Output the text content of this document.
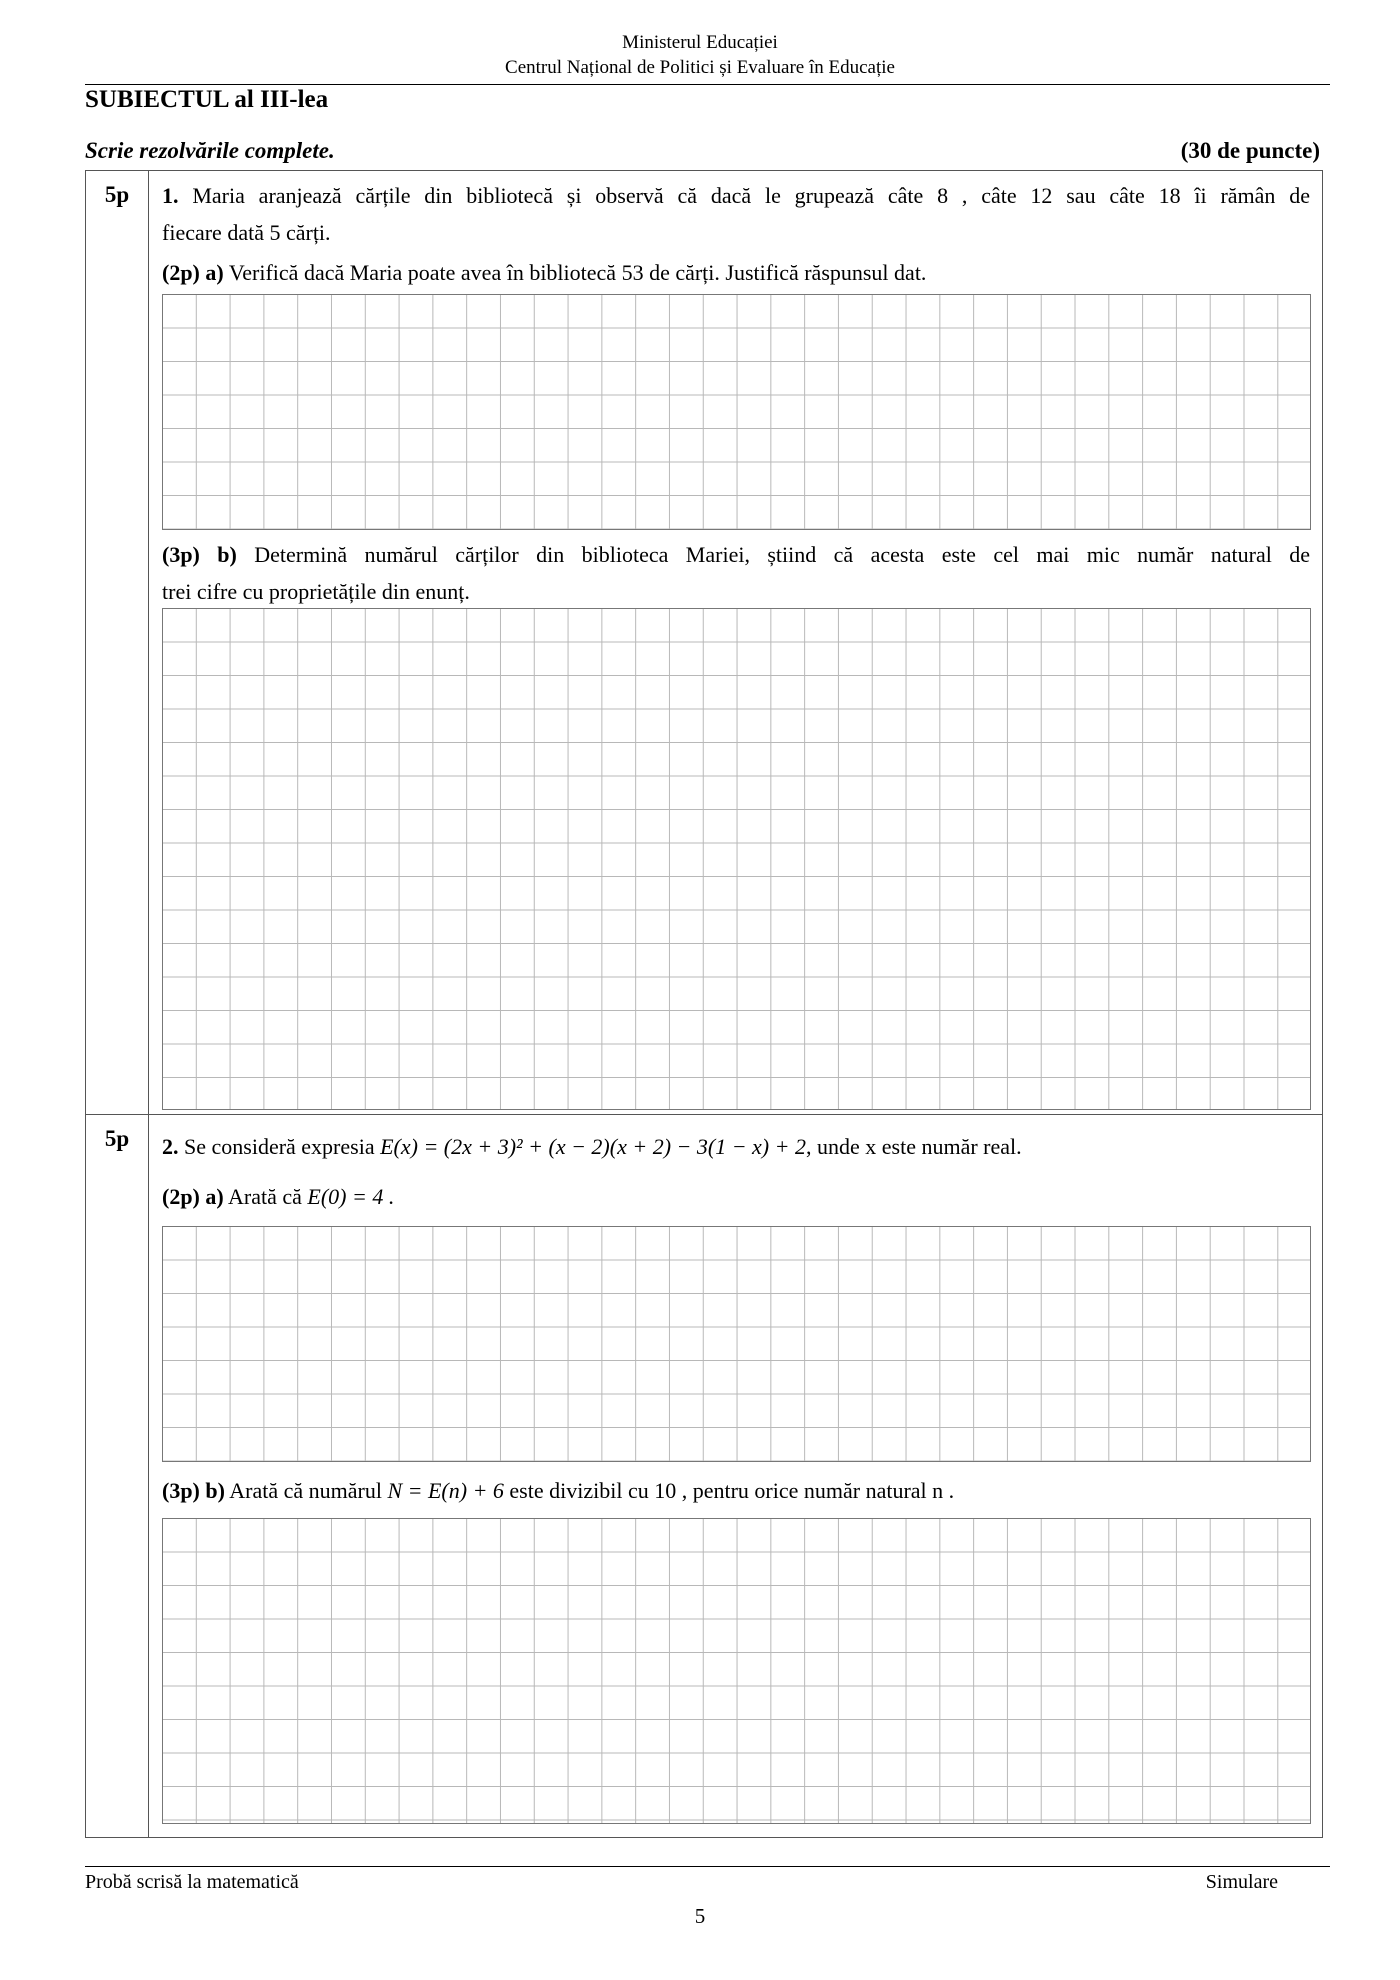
Ministerul Educației
Centrul Național de Politici și Evaluare în Educație
SUBIECTUL al III-lea
Scrie rezolvările complete.	(30 de puncte)
5p	1. Maria aranjează cărțile din bibliotecă și observă că dacă le grupează câte 8 , câte 12 sau câte 18 îi rămân de
fiecare dată 5 cărți.
(2p) a) Verifică dacă Maria poate avea în bibliotecă 53 de cărți. Justifică răspunsul dat.
(3p) b) Determină numărul cărților din biblioteca Mariei, știind că acesta este cel mai mic număr natural de
trei cifre cu proprietățile din enunț.
5p	2. Se consideră expresia E(x) = (2x + 3)² + (x − 2)(x + 2) − 3(1 − x) + 2, unde x este număr real.
(2p) a) Arată că E(0) = 4 .
(3p) b) Arată că numărul N = E(n) + 6 este divizibil cu 10 , pentru orice număr natural n .
Probă scrisă la matematică	Simulare
5
